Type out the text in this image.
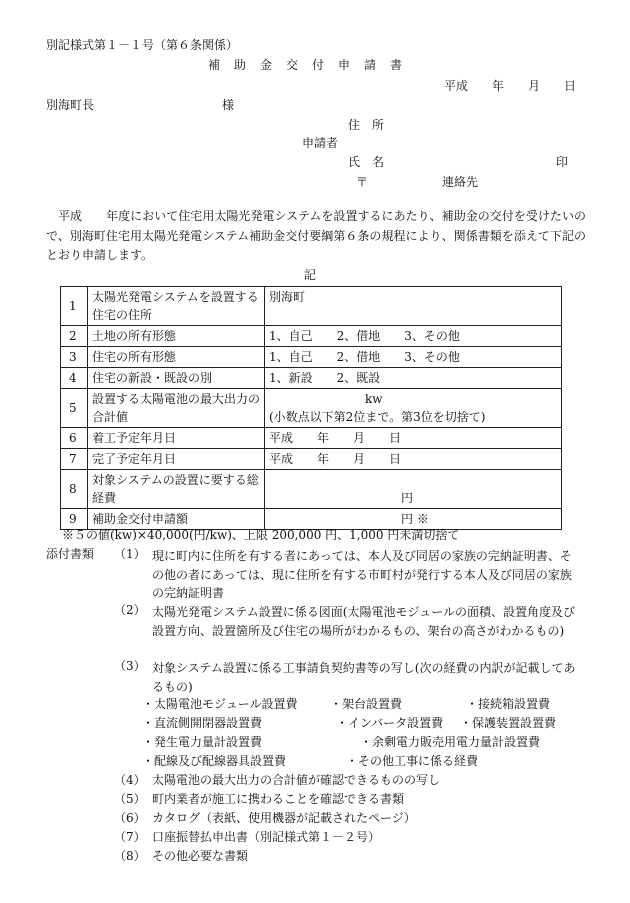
別記様式第１－１号（第６条関係）
補　助　金　交　付　申　請　書
平成　　年　　月　　日
別海町長	様
住　所
申請者
氏　名	印
〒	連絡先
平成　　年度において住宅用太陽光発電システムを設置するにあたり、補助金の交付を受けたいので、別海町住宅用太陽光発電システム補助金交付要綱第６条の規程により、関係書類を添えて下記のとおり申請します。
記
1	太陽光発電システムを設置する住宅の住所	別海町
2	土地の所有形態	1、自己　　2、借地　　3、その他
3	住宅の所有形態	1、自己　　2、借地　　3、その他
4	住宅の新設・既設の別	1、新設　　2、既設
5	設置する太陽電池の最大出力の合計値	kw
(小数点以下第2位まで。第3位を切捨て)

6	着工予定年月日	平成　　年　　月　　日
7	完了予定年月日	平成　　年　　月　　日
8	対象システムの設置に要する総経費	円
9	補助金交付申請額	円 ※
※５の値(kw)×40,000(円/kw)、上限 200,000 円、1,000 円未満切捨て
添付書類 （1） 現に町内に住所を有する者にあっては、本人及び同居の家族の完納証明書、その他の者にあっては、現に住所を有する市町村が発行する本人及び同居の家族の完納証明書
（2） 太陽光発電システム設置に係る図面(太陽電池モジュールの面積、設置角度及び設置方向、設置箇所及び住宅の場所がわかるもの、架台の高さがわかるもの)
（3） 対象システム設置に係る工事請負契約書等の写し(次の経費の内訳が記載してあるもの)
・太陽電池モジュール設置費	・架台設置費	・接続箱設置費
・直流側開閉器設置費	・インバータ設置費 ・保護装置設置費
・発生電力量計設置費	・余剰電力販売用電力量計設置費
・配線及び配線器具設置費	・その他工事に係る経費
（4） 太陽電池の最大出力の合計値が確認できるものの写し
（5） 町内業者が施工に携わることを確認できる書類
（6） カタログ（表紙、使用機器が記載されたページ）
（7） 口座振替払申出書（別記様式第１－２号）
（8） その他必要な書類
